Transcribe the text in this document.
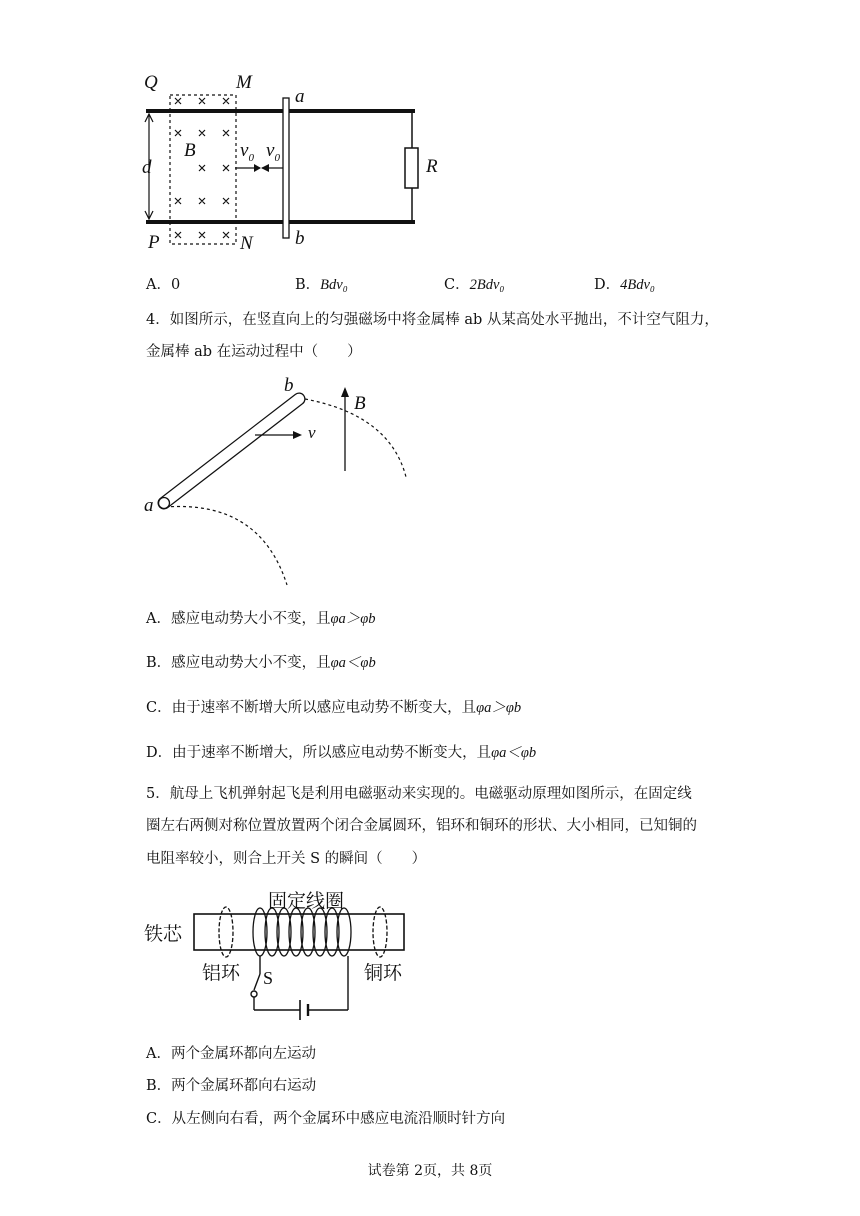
Q	M
P	N
B
d
a
b
R
$v_0$ $v_0$
A．0	B．Bdv₀	C．2Bdv₀	D．4Bdv₀
4．如图所示，在竖直向上的匀强磁场中将金属棒 ab 从某高处水平抛出，不计空气阻力，
金属棒 ab 在运动过程中（　　）
a
b
v
B
A．感应电动势大小不变，且φa＞φb
B．感应电动势大小不变，且φa＜φb
C．由于速率不断增大所以感应电动势不断变大，且φa＞φb
D．由于速率不断增大，所以感应电动势不断变大，且φa＜φb
5．航母上飞机弹射起飞是利用电磁驱动来实现的。电磁驱动原理如图所示，在固定线
圈左右两侧对称位置放置两个闭合金属圆环，铝环和铜环的形状、大小相同，已知铜的
电阻率较小，则合上开关 S 的瞬间（　　）
固定线圈
铁芯
铝环	铜环
S
A．两个金属环都向左运动
B．两个金属环都向右运动
C．从左侧向右看，两个金属环中感应电流沿顺时针方向
试卷第 2页，共 8页
